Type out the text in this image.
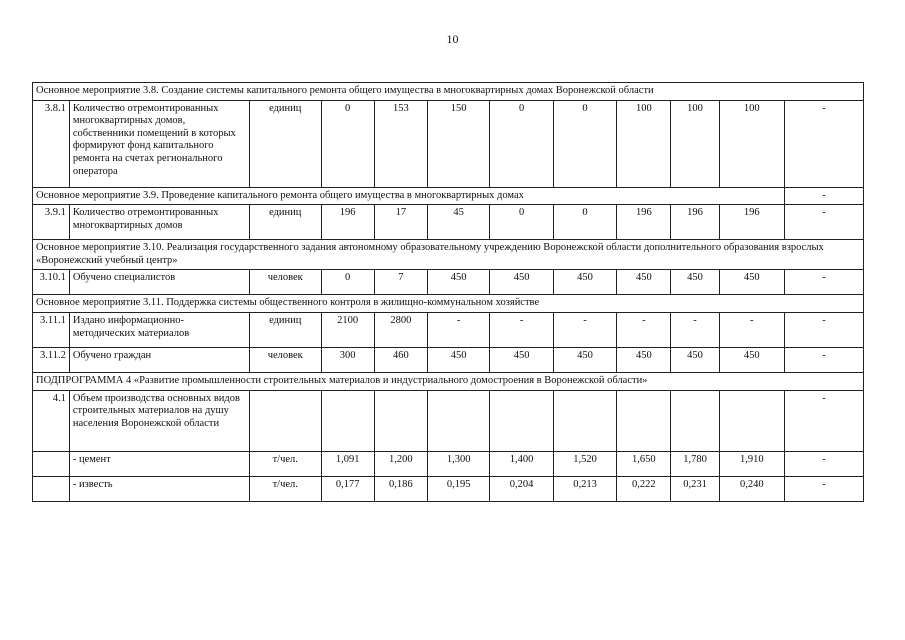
10
Основное мероприятие 3.8. Создание системы капитального ремонта общего имущества в многоквартирных домах Воронежской области											
3.8.1	Количество отремонтированных многоквартирных домов, собственники помещений в которых формируют фонд капитального ремонта на счетах регионального оператора	единиц	0	153	150	0	0	100	100	100	-
Основное мероприятие 3.9. Проведение капитального ремонта общего имущества в многоквартирных домах											-
3.9.1	Количество отремонтированных многоквартирных домов	единиц	196	17	45	0	0	196	196	196	-
Основное мероприятие 3.10. Реализация государственного задания автономному образовательному учреждению Воронежской области дополнительного образования взрослых «Воронежский учебный центр»											
3.10.1	Обучено специалистов	человек	0	7	450	450	450	450	450	450	-
Основное мероприятие 3.11. Поддержка системы общественного контроля в жилищно-коммунальном хозяйстве											
3.11.1	Издано информационно-методических материалов	единиц	2100	2800	-	-	-	-	-	-	-
3.11.2	Обучено граждан	человек	300	460	450	450	450	450	450	450	-
ПОДПРОГРАММА 4 «Развитие промышленности строительных материалов и индустриального домостроения в Воронежской области»											
4.1	Объем производства основных видов строительных материалов на душу населения Воронежской области										-
	- цемент	т/чел.	1,091	1,200	1,300	1,400	1,520	1,650	1,780	1,910	-
	- известь	т/чел.	0,177	0,186	0,195	0,204	0,213	0,222	0,231	0,240	-
